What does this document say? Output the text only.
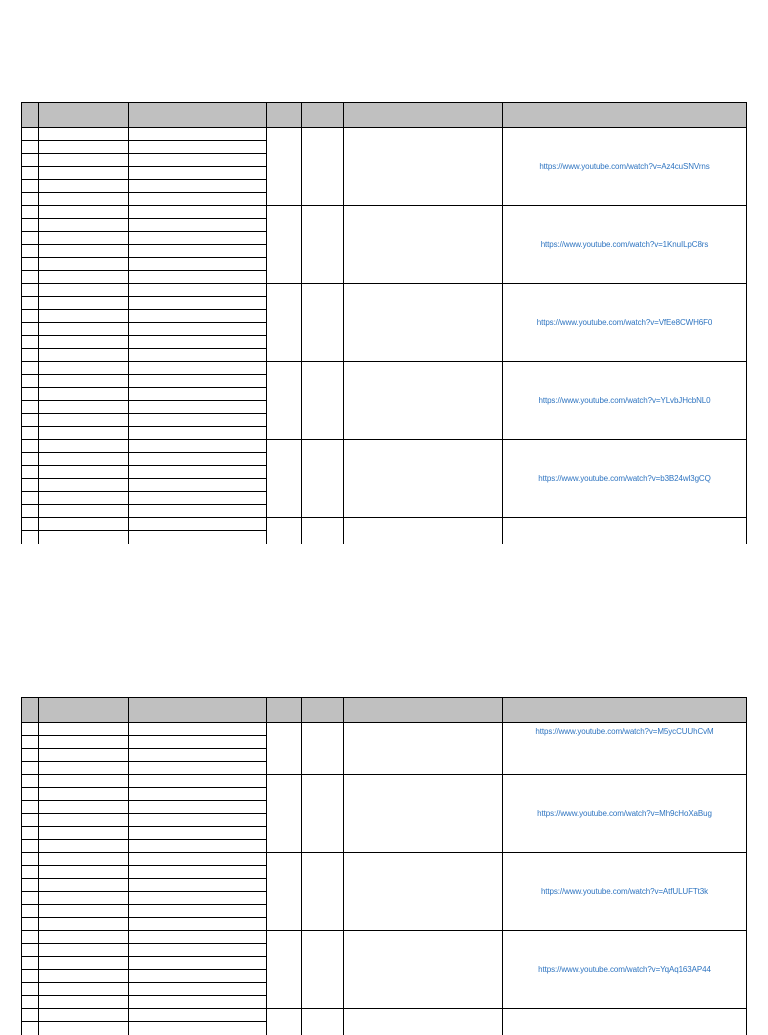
						https://www.youtube.com/watch?v=Az4cuSNVrns

						https://www.youtube.com/watch?v=1KnuILpC8rs

						https://www.youtube.com/watch?v=VfEe8CWH6F0

						https://www.youtube.com/watch?v=YLvbJHcbNL0

						https://www.youtube.com/watch?v=b3B24wl3gCQ

						https://www.youtube.com/watch?v=M5ycCUUhCvM

						https://www.youtube.com/watch?v=Mh9cHoXaBug

						https://www.youtube.com/watch?v=AtfULUFTt3k

						https://www.youtube.com/watch?v=YqAq163AP44
